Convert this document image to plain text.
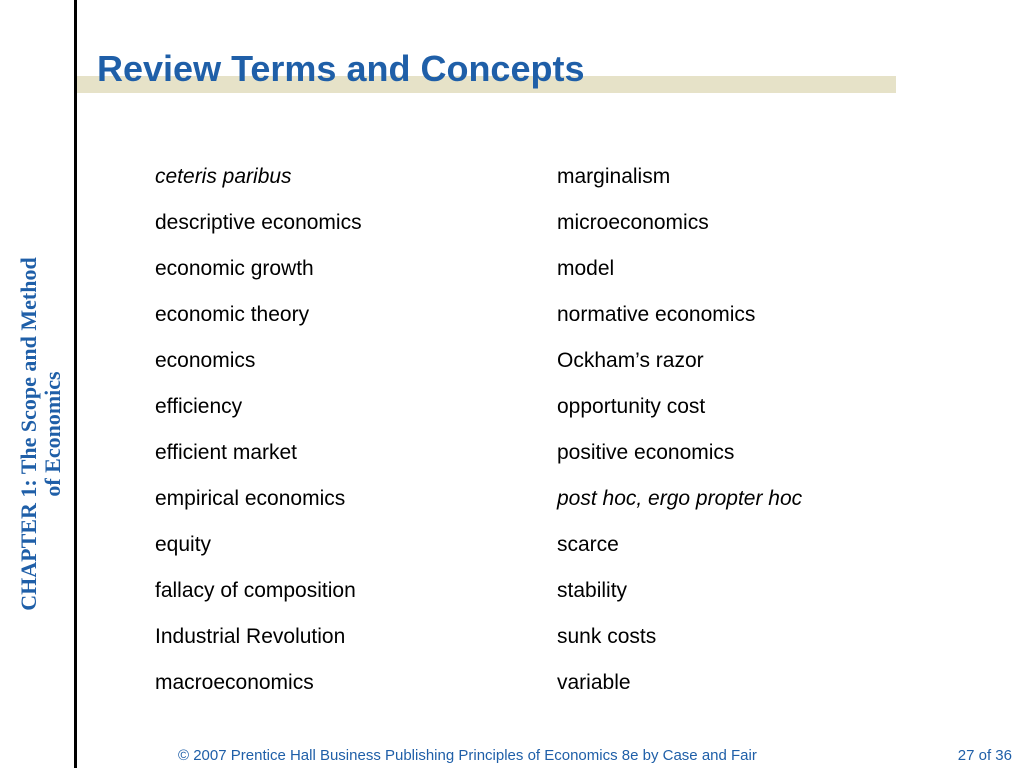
CHAPTER 1: The Scope and Method of Economics
Review Terms and Concepts
ceteris paribus
descriptive economics
economic growth
economic theory
economics
efficiency
efficient market
empirical economics
equity
fallacy of composition
Industrial Revolution
macroeconomics
marginalism
microeconomics
model
normative economics
Ockham’s razor
opportunity cost
positive economics
post hoc, ergo propter hoc
scarce
stability
sunk costs
variable
© 2007 Prentice Hall Business Publishing Principles of Economics 8e by Case and Fair	27 of 36
